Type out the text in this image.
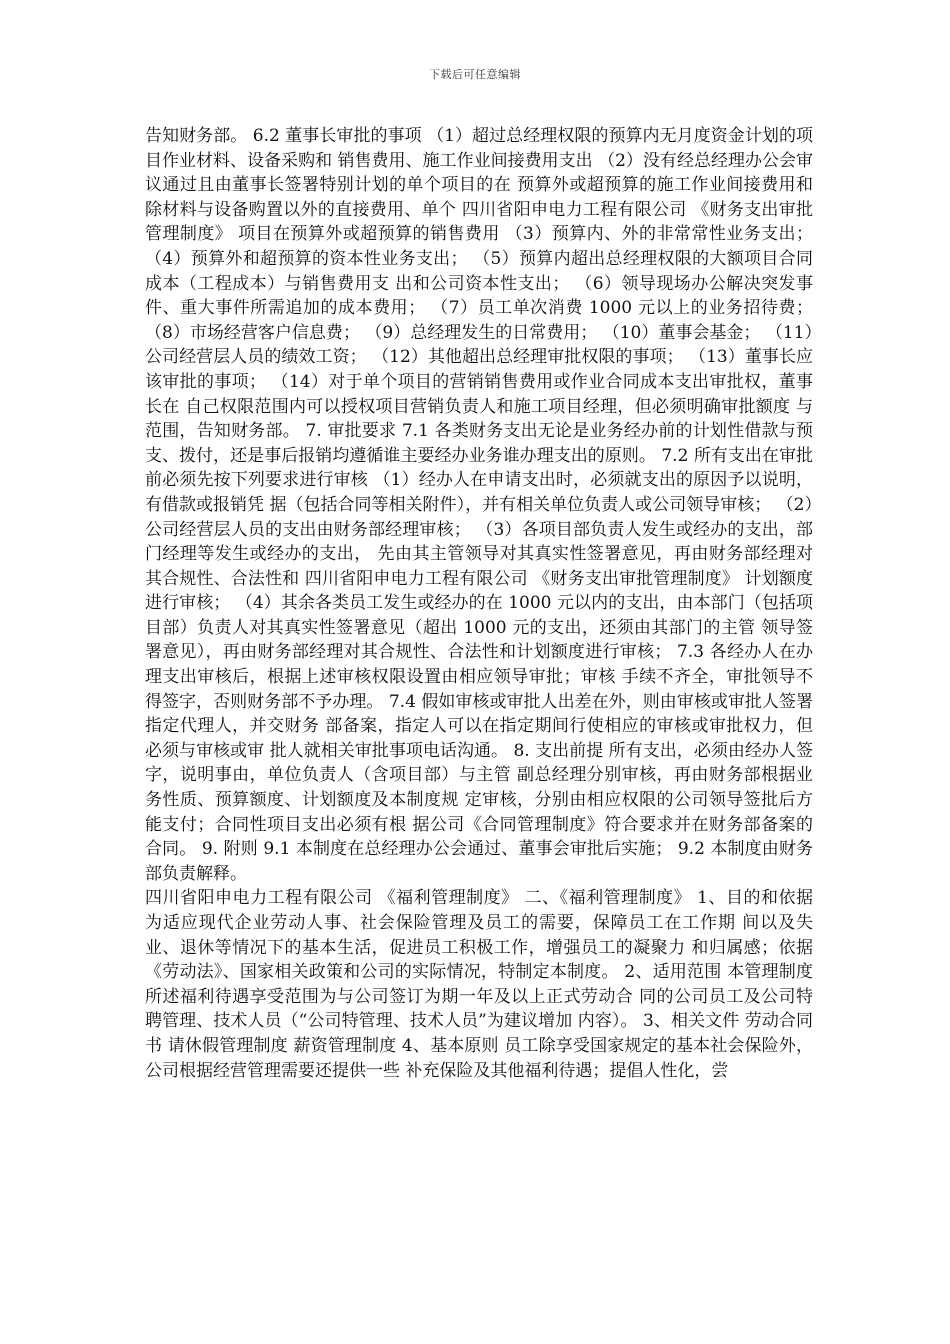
下载后可任意编辑

告知财务部。 6.2 董事长审批的事项 （1）超过总经理权限的预算内无月度资金计划的项目作业材料、设备采购和 销售费用、施工作业间接费用支出 （2）没有经总经理办公会审议通过且由董事长签署特别计划的单个项目的在 预算外或超预算的施工作业间接费用和除材料与设备购置以外的直接费用、单个 四川省阳申电力工程有限公司 《财务支出审批管理制度》 项目在预算外或超预算的销售费用 （3）预算内、外的非常常性业务支出； （4）预算外和超预算的资本性业务支出； （5）预算内超出总经理权限的大额项目合同成本（工程成本）与销售费用支 出和公司资本性支出； （6）领导现场办公解决突发事件、重大事件所需追加的成本费用； （7）员工单次消费 1000 元以上的业务招待费； （8）市场经营客户信息费； （9）总经理发生的日常费用； （10）董事会基金； （11）公司经营层人员的绩效工资； （12）其他超出总经理审批权限的事项； （13）董事长应该审批的事项； （14）对于单个项目的营销销售费用或作业合同成本支出审批权，董事长在 自己权限范围内可以授权项目营销负责人和施工项目经理，但必须明确审批额度 与范围，告知财务部。 7. 审批要求 7.1 各类财务支出无论是业务经办前的计划性借款与预支、拨付，还是事后报销均遵循谁主要经办业务谁办理支出的原则。 7.2 所有支出在审批前必须先按下列要求进行审核 （1）经办人在申请支出时，必须就支出的原因予以说明，有借款或报销凭 据（包括合同等相关附件），并有相关单位负责人或公司领导审核； （2）公司经营层人员的支出由财务部经理审核； （3）各项目部负责人发生或经办的支出，部门经理等发生或经办的支出， 先由其主管领导对其真实性签署意见，再由财务部经理对其合规性、合法性和 四川省阳申电力工程有限公司 《财务支出审批管理制度》 计划额度进行审核； （4）其余各类员工发生或经办的在 1000 元以内的支出，由本部门（包括项 目部）负责人对其真实性签署意见（超出 1000 元的支出，还须由其部门的主管 领导签署意见），再由财务部经理对其合规性、合法性和计划额度进行审核； 7.3 各经办人在办理支出审核后，根据上述审核权限设置由相应领导审批；审核 手续不齐全，审批领导不得签字，否则财务部不予办理。 7.4 假如审核或审批人出差在外，则由审核或审批人签署指定代理人，并交财务 部备案，指定人可以在指定期间行使相应的审核或审批权力，但必须与审核或审 批人就相关审批事项电话沟通。 8. 支出前提 所有支出，必须由经办人签字，说明事由，单位负责人（含项目部）与主管 副总经理分别审核，再由财务部根据业务性质、预算额度、计划额度及本制度规 定审核，分别由相应权限的公司领导签批后方能支付；合同性项目支出必须有根 据公司《合同管理制度》符合要求并在财务部备案的合同。 9. 附则 9.1 本制度在总经理办公会通过、董事会审批后实施； 9.2 本制度由财务部负责解释。

四川省阳申电力工程有限公司 《福利管理制度》 二、《福利管理制度》 1、目的和依据 为适应现代企业劳动人事、社会保险管理及员工的需要，保障员工在工作期 间以及失业、退休等情况下的基本生活，促进员工积极工作，增强员工的凝聚力 和归属感；依据《劳动法》、国家相关政策和公司的实际情况，特制定本制度。 2、适用范围 本管理制度所述福利待遇享受范围为与公司签订为期一年及以上正式劳动合 同的公司员工及公司特聘管理、技术人员（“公司特管理、技术人员”为建议增加 内容）。 3、相关文件 劳动合同书 请休假管理制度 薪资管理制度 4、基本原则 员工除享受国家规定的基本社会保险外，公司根据经营管理需要还提供一些 补充保险及其他福利待遇；提倡人性化，尝
